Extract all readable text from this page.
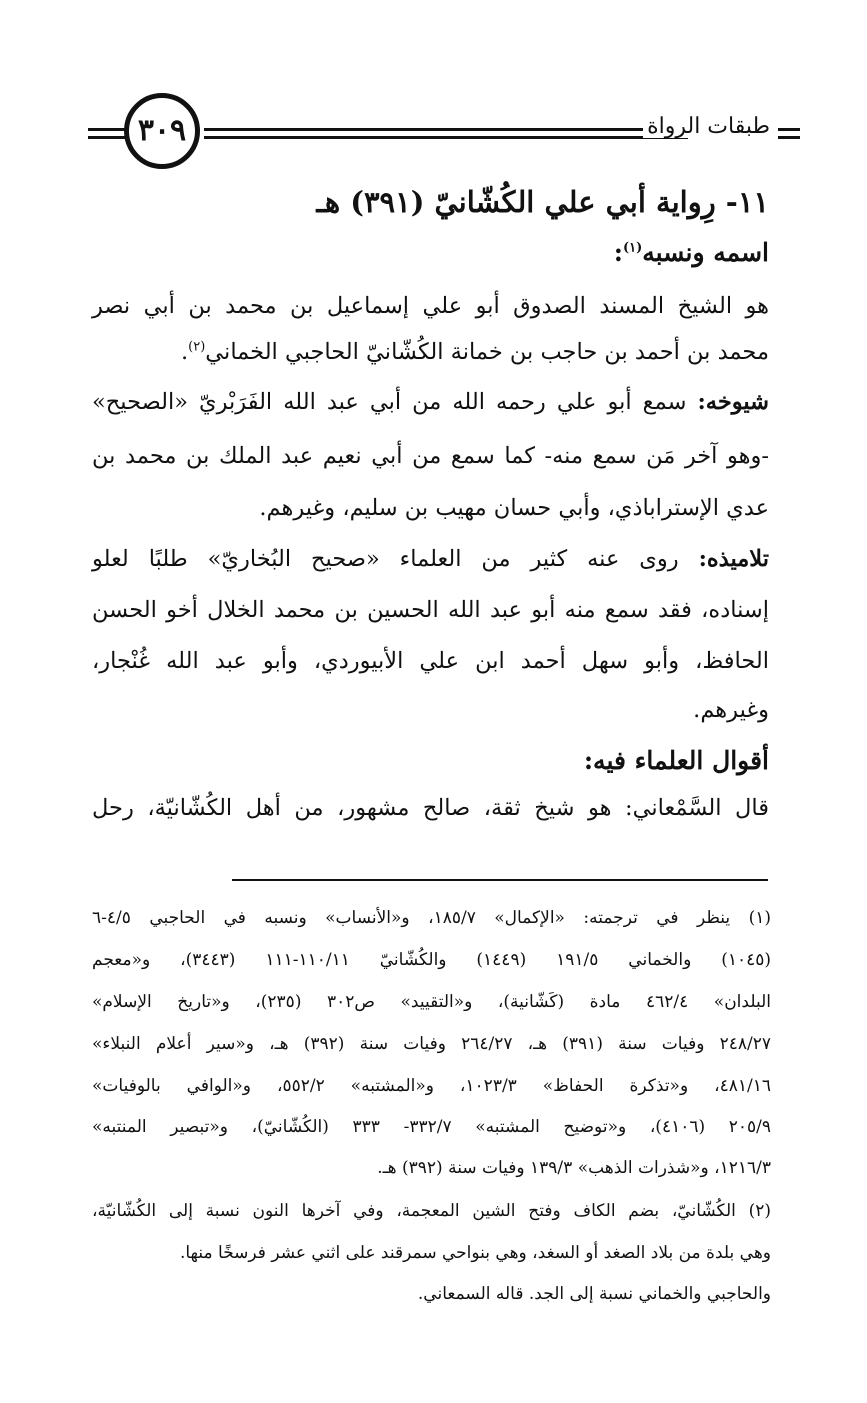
٣٠٩	طبقات الرواة
١١- رِواية أبي علي الكُشّانيّ (٣٩١) هـ
اسمه ونسبه$^{(١)}$:
هو الشيخ المسند الصدوق أبو علي إسماعيل بن محمد بن أبي نصر
محمد بن أحمد بن حاجب بن خمانة الكُشّانيّ الحاجبي الخماني$^{(٢)}$.
شيوخه: سمع أبو علي رحمه الله من أبي عبد الله الفَرَبْريّ «الصحيح»
-وهو آخر مَن سمع منه- كما سمع من أبي نعيم عبد الملك بن محمد بن
عدي الإستراباذي، وأبي حسان مهيب بن سليم، وغيرهم.
تلاميذه: روى عنه كثير من العلماء «صحيح البُخاريّ» طلبًا لعلو
إسناده، فقد سمع منه أبو عبد الله الحسين بن محمد الخلال أخو الحسن
الحافظ، وأبو سهل أحمد ابن علي الأبيوردي، وأبو عبد الله غُنْجار،
وغيرهم.
أقوال العلماء فيه:
قال السَّمْعاني: هو شيخ ثقة، صالح مشهور، من أهل الكُشّانيّة، رحل
(١) ينظر في ترجمته: «الإكمال» ١٨٥/٧، و«الأنساب» ونسبه في الحاجبي ٤/٥-٦
(١٠٤٥) والخماني ١٩١/٥ (١٤٤٩) والكُشّانيّ ١١٠/١١-١١١ (٣٤٤٣)، و«معجم
البلدان» ٤٦٢/٤ مادة (كَشّانية)، و«التقييد» ص٣٠٢ (٢٣٥)، و«تاريخ الإسلام»
٢٤٨/٢٧ وفيات سنة (٣٩١) هـ، ٢٦٤/٢٧ وفيات سنة (٣٩٢) هـ، و«سير أعلام النبلاء»
٤٨١/١٦، و«تذكرة الحفاظ» ١٠٢٣/٣، و«المشتبه» ٥٥٢/٢، و«الوافي بالوفيات»
٢٠٥/٩ (٤١٠٦)، و«توضيح المشتبه» ٣٣٢/٧- ٣٣٣ (الكُشّانيّ)، و«تبصير المنتبه»
١٢١٦/٣، و«شذرات الذهب» ١٣٩/٣ وفيات سنة (٣٩٢) هـ.
(٢) الكُشّانيّ، بضم الكاف وفتح الشين المعجمة، وفي آخرها النون نسبة إلى الكُشّانيّة،
وهي بلدة من بلاد الصغد أو السغد، وهي بنواحي سمرقند على اثني عشر فرسخًا منها.
والحاجبي والخماني نسبة إلى الجد. قاله السمعاني.
